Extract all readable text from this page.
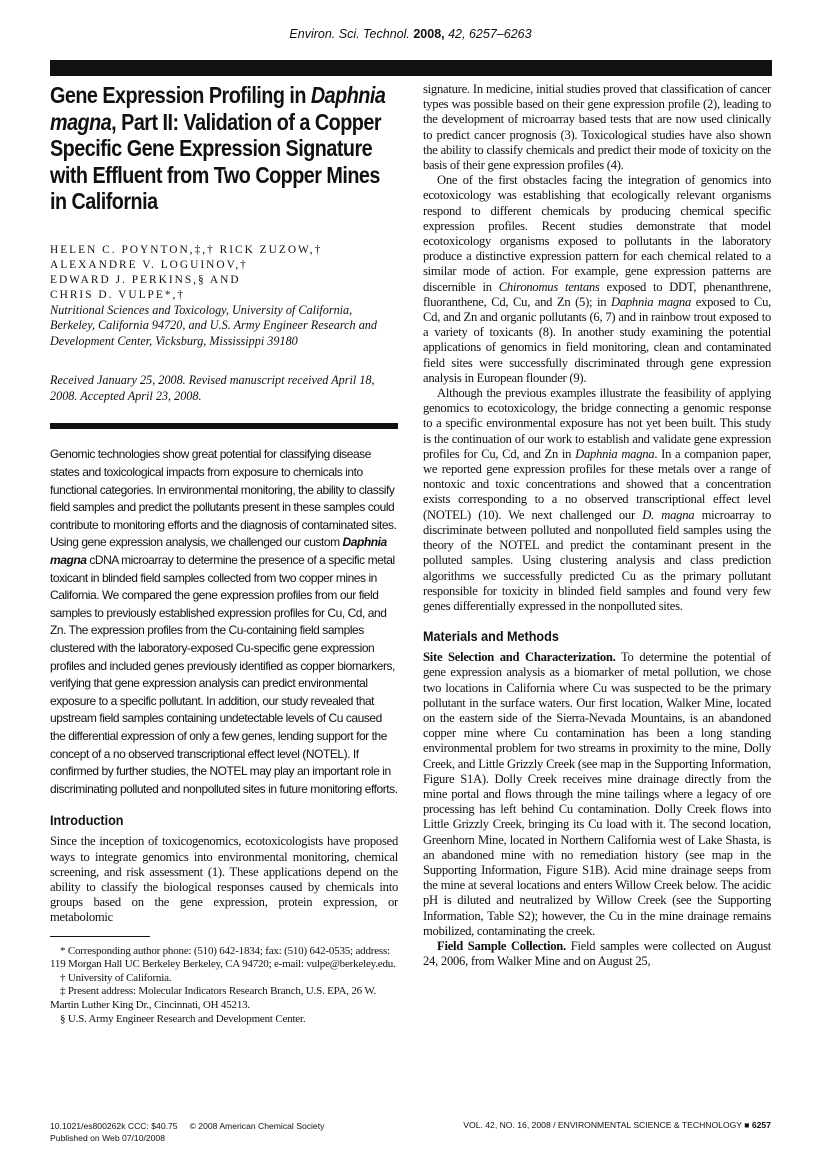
Environ. Sci. Technol. 2008, 42, 6257–6263
Gene Expression Profiling in Daphnia magna, Part II: Validation of a Copper Specific Gene Expression Signature with Effluent from Two Copper Mines in California
HELEN C. POYNTON,‡,† RICK ZUZOW,†
ALEXANDRE V. LOGUINOV,†
EDWARD J. PERKINS,§ AND
CHRIS D. VULPE*,†
Nutritional Sciences and Toxicology, University of California, Berkeley, California 94720, and U.S. Army Engineer Research and Development Center, Vicksburg, Mississippi 39180
Received January 25, 2008. Revised manuscript received April 18, 2008. Accepted April 23, 2008.
Genomic technologies show great potential for classifying disease states and toxicological impacts from exposure to chemicals into functional categories. In environmental monitoring, the ability to classify field samples and predict the pollutants present in these samples could contribute to monitoring efforts and the diagnosis of contaminated sites. Using gene expression analysis, we challenged our custom Daphnia magna cDNA microarray to determine the presence of a specific metal toxicant in blinded field samples collected from two copper mines in California. We compared the gene expression profiles from our field samples to previously established expression profiles for Cu, Cd, and Zn. The expression profiles from the Cu-containing field samples clustered with the laboratory-exposed Cu-specific gene expression profiles and included genes previously identified as copper biomarkers, verifying that gene expression analysis can predict environmental exposure to a specific pollutant. In addition, our study revealed that upstream field samples containing undetectable levels of Cu caused the differential expression of only a few genes, lending support for the concept of a no observed transcriptional effect level (NOTEL). If confirmed by further studies, the NOTEL may play an important role in discriminating polluted and nonpolluted sites in future monitoring efforts.
Introduction

Since the inception of toxicogenomics, ecotoxicologists have proposed ways to integrate genomics into environmental monitoring, chemical screening, and risk assessment (1). These applications depend on the ability to classify the biological responses caused by chemicals into groups based on the gene expression, protein expression, or metabolomic

* Corresponding author phone: (510) 642-1834; fax: (510) 642-0535; address: 119 Morgan Hall UC Berkeley Berkeley, CA 94720; e-mail: vulpe@berkeley.edu.

† University of California.

‡ Present address: Molecular Indicators Research Branch, U.S. EPA, 26 W. Martin Luther King Dr., Cincinnati, OH 45213.

§ U.S. Army Engineer Research and Development Center.

signature. In medicine, initial studies proved that classification of cancer types was possible based on their gene expression profile (2), leading to the development of microarray based tests that are now used clinically to predict cancer prognosis (3). Toxicological studies have also shown the ability to classify chemicals and predict their mode of toxicity on the basis of their gene expression profiles (4).

One of the first obstacles facing the integration of genomics into ecotoxicology was establishing that ecologically relevant organisms respond to different chemicals by producing chemical specific expression profiles. Recent studies demonstrate that model ecotoxicology organisms exposed to pollutants in the laboratory produce a distinctive expression pattern for each chemical related to a similar mode of action. For example, gene expression patterns are discernible in Chironomus tentans exposed to DDT, phenanthrene, fluoranthene, Cd, Cu, and Zn (5); in Daphnia magna exposed to Cu, Cd, and Zn and organic pollutants (6, 7) and in rainbow trout exposed to a variety of toxicants (8). In another study examining the potential applications of genomics in field monitoring, clean and contaminated field sites were successfully discriminated through gene expression analysis in European flounder (9).

Although the previous examples illustrate the feasibility of applying genomics to ecotoxicology, the bridge connecting a genomic response to a specific environmental exposure has not yet been built. This study is the continuation of our work to establish and validate gene expression profiles for Cu, Cd, and Zn in Daphnia magna. In a companion paper, we reported gene expression profiles for these metals over a range of nontoxic and toxic concentrations and showed that a concentration exists corresponding to a no observed transcriptional effect level (NOTEL) (10). We next challenged our D. magna microarray to discriminate between polluted and nonpolluted field samples using the theory of the NOTEL and predict the contaminant present in the polluted samples. Using clustering analysis and class prediction algorithms we successfully predicted Cu as the primary pollutant responsible for toxicity in blinded field samples and found very few genes differentially expressed in the nonpolluted sites.

Materials and Methods

Site Selection and Characterization. To determine the potential of gene expression analysis as a biomarker of metal pollution, we chose two locations in California where Cu was suspected to be the primary pollutant in the surface waters. Our first location, Walker Mine, located on the eastern side of the Sierra-Nevada Mountains, is an abandoned copper mine where Cu contamination has been a long standing environmental problem for two streams in proximity to the mine, Dolly Creek, and Little Grizzly Creek (see map in the Supporting Information, Figure S1A). Dolly Creek receives mine drainage directly from the mine portal and flows through the mine tailings where a legacy of ore processing has left behind Cu contamination. Dolly Creek flows into Little Grizzly Creek, bringing its Cu load with it. The second location, Greenhorn Mine, located in Northern California west of Lake Shasta, is an abandoned mine with no remediation history (see map in the Supporting Information, Figure S1B). Acid mine drainage seeps from the mine at several locations and enters Willow Creek below. The acidic pH is diluted and neutralized by Willow Creek (see the Supporting Information, Table S2); however, the Cu in the mine drainage remains mobilized, contaminating the creek.

Field Sample Collection. Field samples were collected on August 24, 2006, from Walker Mine and on August 25,

10.1021/es800262k CCC: $40.75 © 2008 American Chemical Society
Published on Web 07/10/2008
VOL. 42, NO. 16, 2008 / ENVIRONMENTAL SCIENCE & TECHNOLOGY ■ 6257
